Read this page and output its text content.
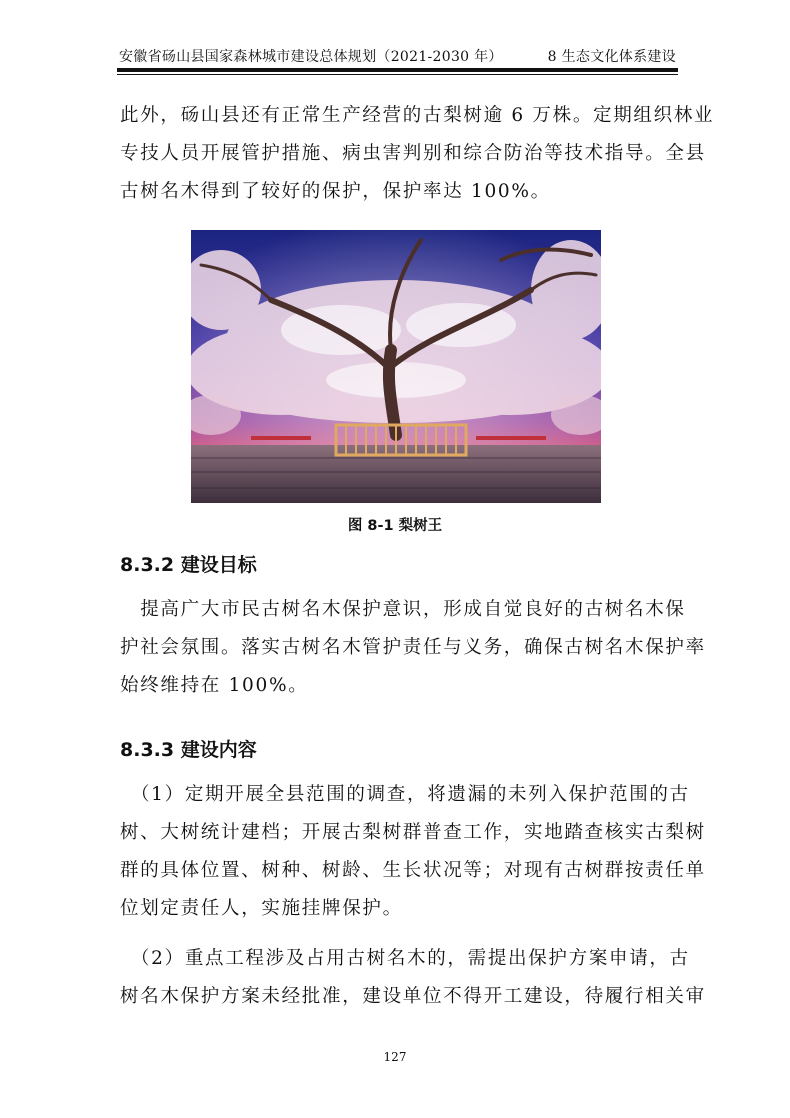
安徽省砀山县国家森林城市建设总体规划（2021-2030 年）	8 生态文化体系建设
此外，砀山县还有正常生产经营的古梨树逾 6 万株。定期组织林业
专技人员开展管护措施、病虫害判别和综合防治等技术指导。全县
古树名木得到了较好的保护，保护率达 100%。
图 8-1 梨树王
8.3.2 建设目标
　提高广大市民古树名木保护意识，形成自觉良好的古树名木保
护社会氛围。落实古树名木管护责任与义务，确保古树名木保护率
始终维持在 100%。
8.3.3 建设内容
　（1）定期开展全县范围的调查，将遗漏的未列入保护范围的古
树、大树统计建档；开展古梨树群普查工作，实地踏查核实古梨树
群的具体位置、树种、树龄、生长状况等；对现有古树群按责任单
位划定责任人，实施挂牌保护。
　（2）重点工程涉及占用古树名木的，需提出保护方案申请，古
树名木保护方案未经批准，建设单位不得开工建设，待履行相关审
127
